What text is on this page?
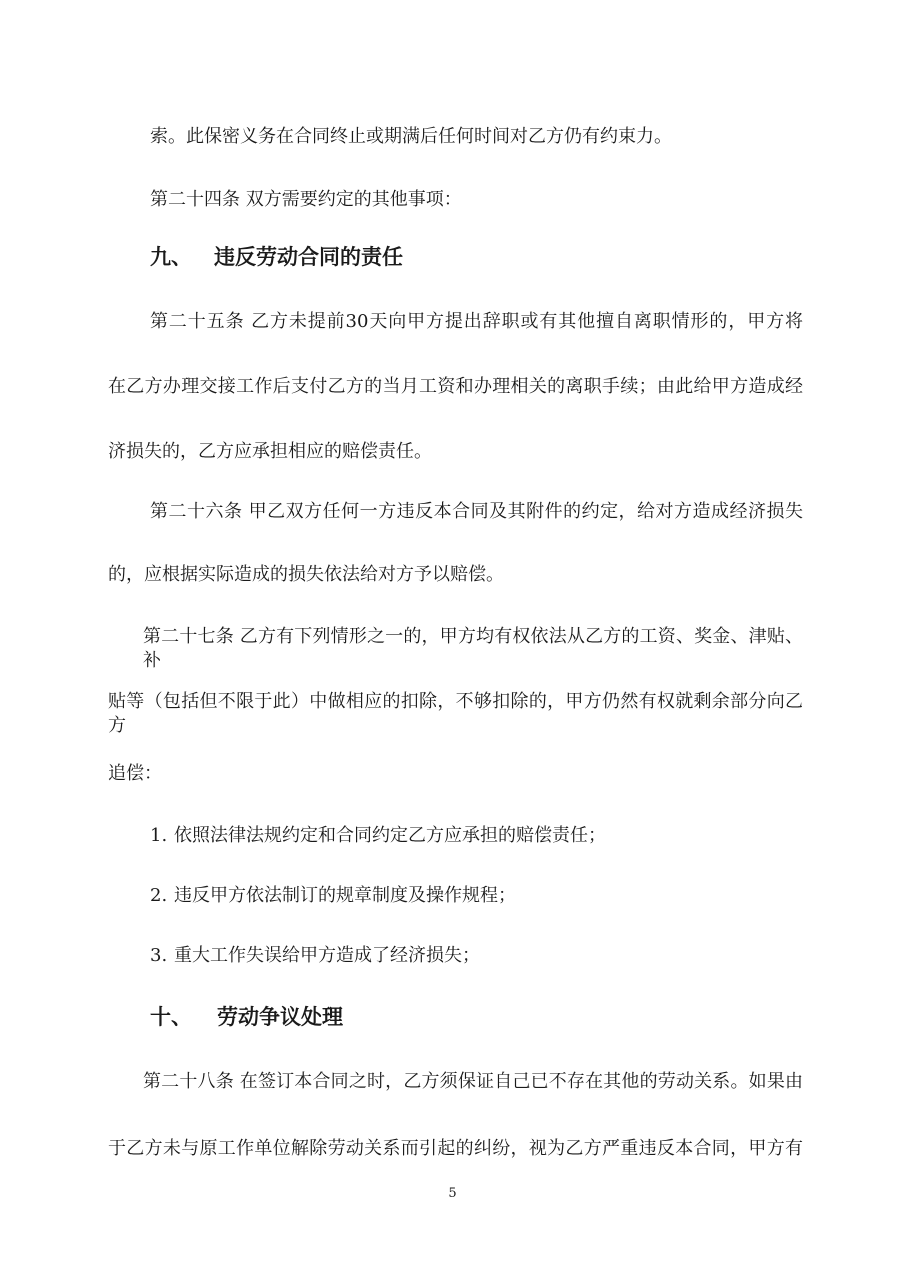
索。此保密义务在合同终止或期满后任何时间对乙方仍有约束力。
第二十四条 双方需要约定的其他事项：
九、 违反劳动合同的责任
第二十五条 乙方未提前30天向甲方提出辞职或有其他擅自离职情形的，甲方将
在乙方办理交接工作后支付乙方的当月工资和办理相关的离职手续；由此给甲方造成经
济损失的，乙方应承担相应的赔偿责任。
第二十六条 甲乙双方任何一方违反本合同及其附件的约定，给对方造成经济损失
的，应根据实际造成的损失依法给对方予以赔偿。
第二十七条 乙方有下列情形之一的，甲方均有权依法从乙方的工资、奖金、津贴、补
贴等（包括但不限于此）中做相应的扣除，不够扣除的，甲方仍然有权就剩余部分向乙方
追偿：
1. 依照法律法规约定和合同约定乙方应承担的赔偿责任；
2. 违反甲方依法制订的规章制度及操作规程；
3. 重大工作失误给甲方造成了经济损失；
十、 劳动争议处理
第二十八条 在签订本合同之时，乙方须保证自己已不存在其他的劳动关系。如果由
于乙方未与原工作单位解除劳动关系而引起的纠纷，视为乙方严重违反本合同，甲方有
5
